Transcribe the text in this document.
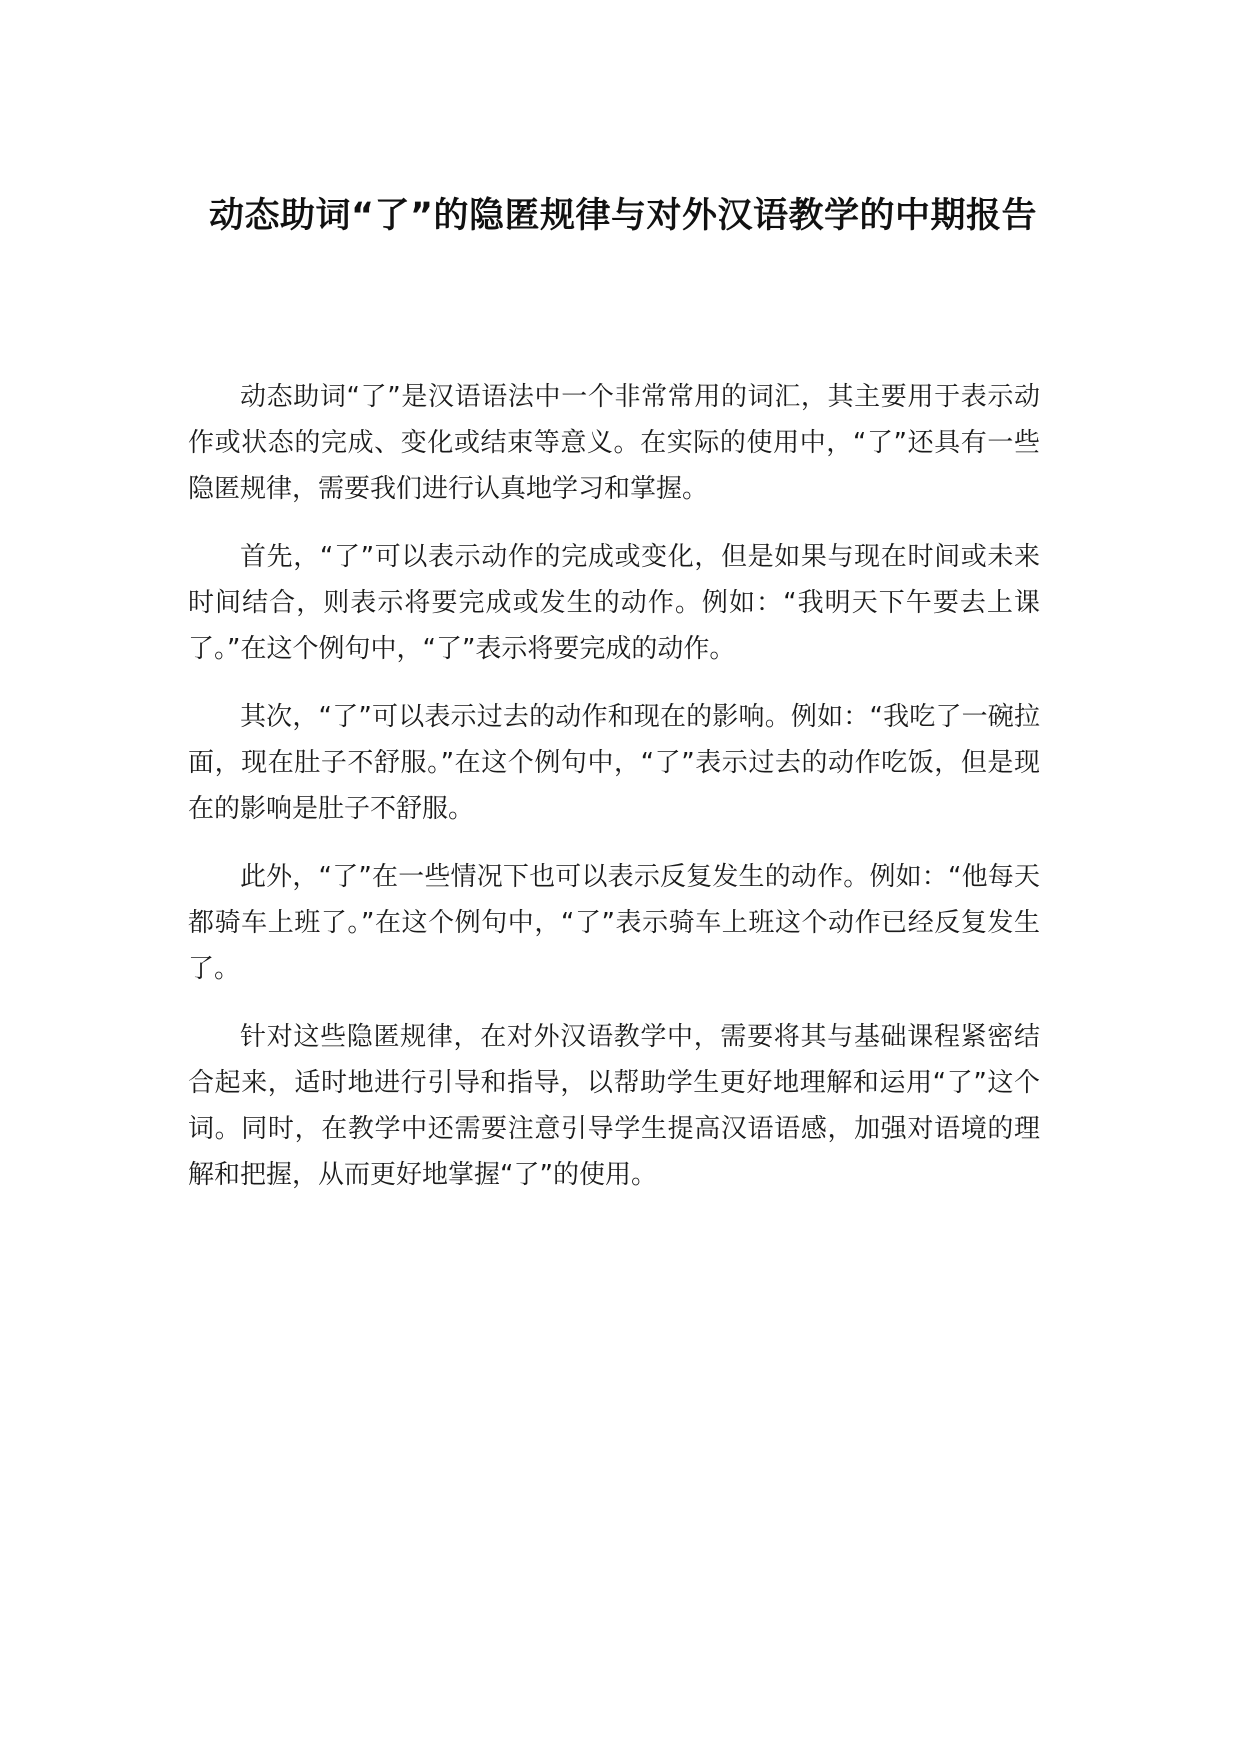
动态助词“了”的隐匿规律与对外汉语教学的中期报告

动态助词“了”是汉语语法中一个非常常用的词汇，其主要用于表示动作或状态的完成、变化或结束等意义。在实际的使用中，“了”还具有一些隐匿规律，需要我们进行认真地学习和掌握。

首先，“了”可以表示动作的完成或变化，但是如果与现在时间或未来时间结合，则表示将要完成或发生的动作。例如：“我明天下午要去上课了。”在这个例句中，“了”表示将要完成的动作。

其次，“了”可以表示过去的动作和现在的影响。例如：“我吃了一碗拉面，现在肚子不舒服。”在这个例句中，“了”表示过去的动作吃饭，但是现在的影响是肚子不舒服。

此外，“了”在一些情况下也可以表示反复发生的动作。例如：“他每天都骑车上班了。”在这个例句中，“了”表示骑车上班这个动作已经反复发生了。

针对这些隐匿规律，在对外汉语教学中，需要将其与基础课程紧密结合起来，适时地进行引导和指导，以帮助学生更好地理解和运用“了”这个词。同时，在教学中还需要注意引导学生提高汉语语感，加强对语境的理解和把握，从而更好地掌握“了”的使用。
